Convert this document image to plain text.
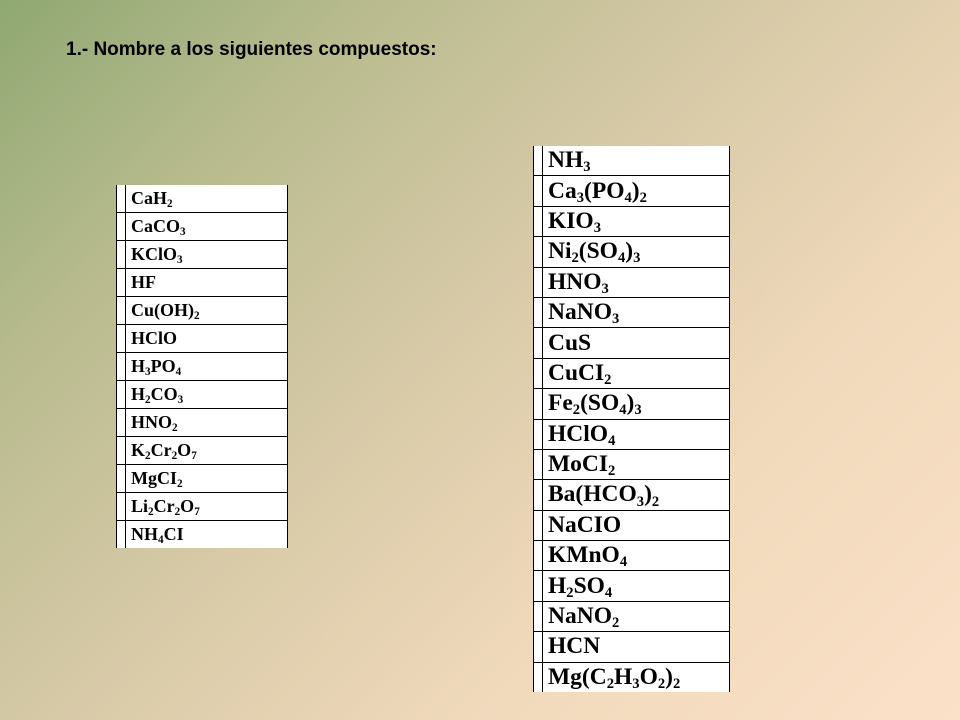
1.- Nombre a los siguientes compuestos:
	CaH$_2$
	CaCO$_3$
	KClO$_3$
	HF
	$Cu(OH)_2$
	HClO
	$H_3PO_4$
	$H_2CO_3$
	$HNO_2$
	$K_2Cr_2O_7$
	MgCI$_2$
	$Li_2Cr_2O_7$
	$NH_4CI$
	$NH_3$
	$Ca_3(PO_4)_2$
	$KIO_3$
	$Ni_2(SO_4)_3$
	$HNO_3$
	NaNO$_3$
	CuS
	CuCI$_2$
	$Fe_2(SO_4)_3$
	HClO$_4$
	MoCI$_2$
	$Ba(HCO_3)_2$
	NaCIO
	KMnO$_4$
	$H_2SO_4$
	NaNO$_2$
	HCN
	$Mg(C_2H_3O_2)_2$
